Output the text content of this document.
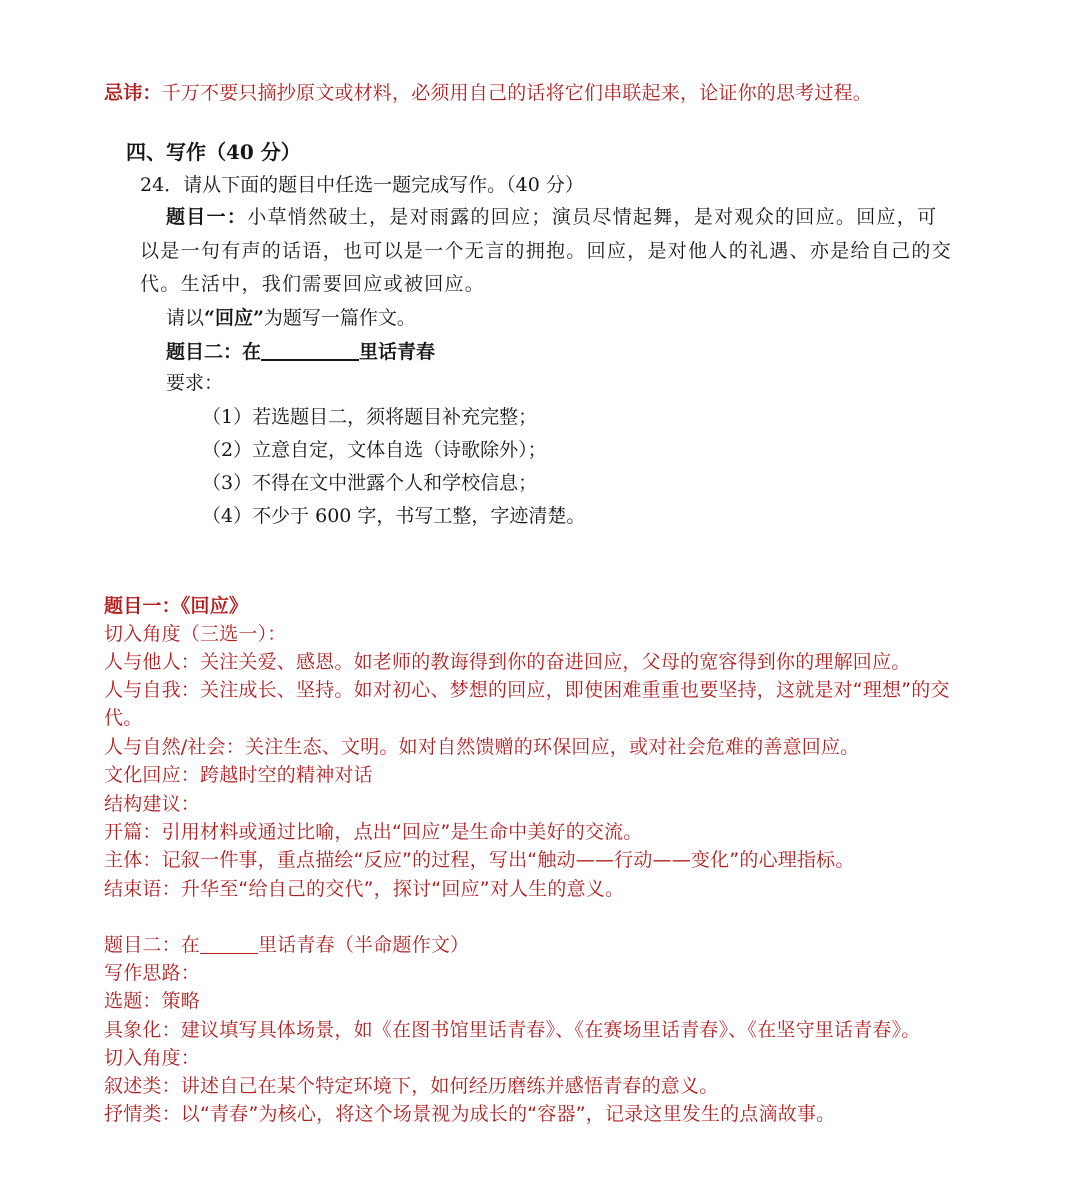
忌讳：千万不要只摘抄原文或材料，必须用自己的话将它们串联起来，论证你的思考过程。
四、写作（40 分）
24．请从下面的题目中任选一题完成写作。（40 分）
题目一：小草悄然破土，是对雨露的回应；演员尽情起舞，是对观众的回应。回应，可
以是一句有声的话语，也可以是一个无言的拥抱。回应，是对他人的礼遇、亦是给自己的交
代。生活中，我们需要回应或被回应。
请以“回应”为题写一篇作文。
题目二：在	里话青春
要求：
（1）若选题目二，须将题目补充完整；
（2）立意自定，文体自选（诗歌除外）；
（3）不得在文中泄露个人和学校信息；
（4）不少于 600 字，书写工整，字迹清楚。
题目一：《回应》
切入角度（三选一）：
人与他人：关注关爱、感恩。如老师的教诲得到你的奋进回应，父母的宽容得到你的理解回应。
人与自我：关注成长、坚持。如对初心、梦想的回应，即使困难重重也要坚持，这就是对“理想”的交
代。
人与自然/社会：关注生态、文明。如对自然馈赠的环保回应，或对社会危难的善意回应。
文化回应：跨越时空的精神对话
结构建议：
开篇：引用材料或通过比喻，点出“回应”是生命中美好的交流。
主体：记叙一件事，重点描绘“反应”的过程，写出“触动——行动——变化”的心理指标。
结束语：升华至“给自己的交代”，探讨“回应”对人生的意义。
题目二：在	里话青春（半命题作文）
写作思路：
选题：策略
具象化：建议填写具体场景，如《在图书馆里话青春》、《在赛场里话青春》、《在坚守里话青春》。
切入角度：
叙述类：讲述自己在某个特定环境下，如何经历磨练并感悟青春的意义。
抒情类：以“青春”为核心，将这个场景视为成长的“容器”，记录这里发生的点滴故事。
